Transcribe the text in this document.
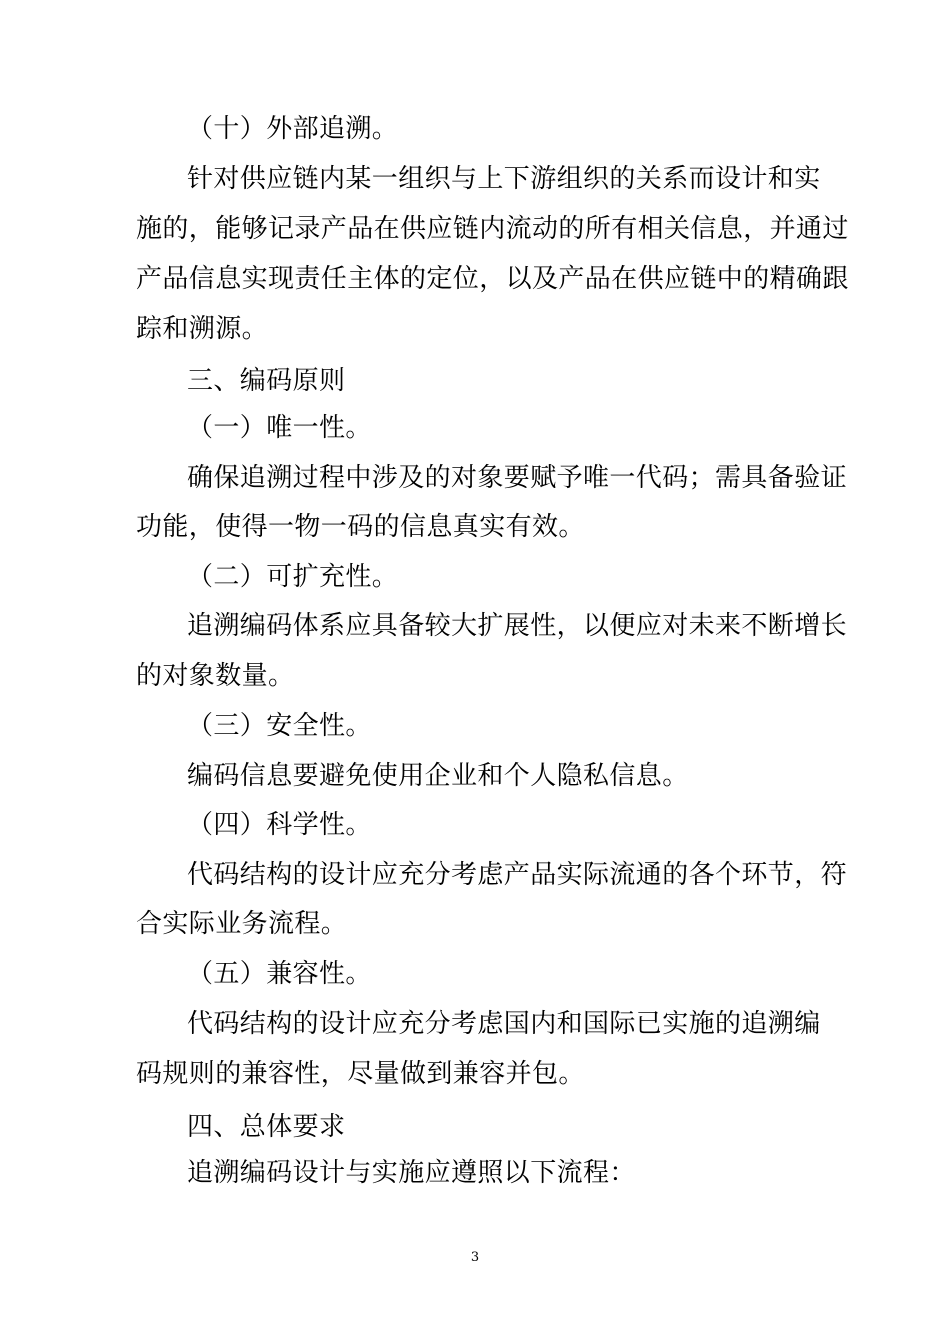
（十）外部追溯。
针对供应链内某一组织与上下游组织的关系而设计和实
施的，能够记录产品在供应链内流动的所有相关信息，并通过
产品信息实现责任主体的定位，以及产品在供应链中的精确跟
踪和溯源。
三、编码原则
（一）唯一性。
确保追溯过程中涉及的对象要赋予唯一代码；需具备验证
功能，使得一物一码的信息真实有效。
（二）可扩充性。
追溯编码体系应具备较大扩展性，以便应对未来不断增长
的对象数量。
（三）安全性。
编码信息要避免使用企业和个人隐私信息。
（四）科学性。
代码结构的设计应充分考虑产品实际流通的各个环节，符
合实际业务流程。
（五）兼容性。
代码结构的设计应充分考虑国内和国际已实施的追溯编
码规则的兼容性，尽量做到兼容并包。
四、总体要求
追溯编码设计与实施应遵照以下流程：
3
